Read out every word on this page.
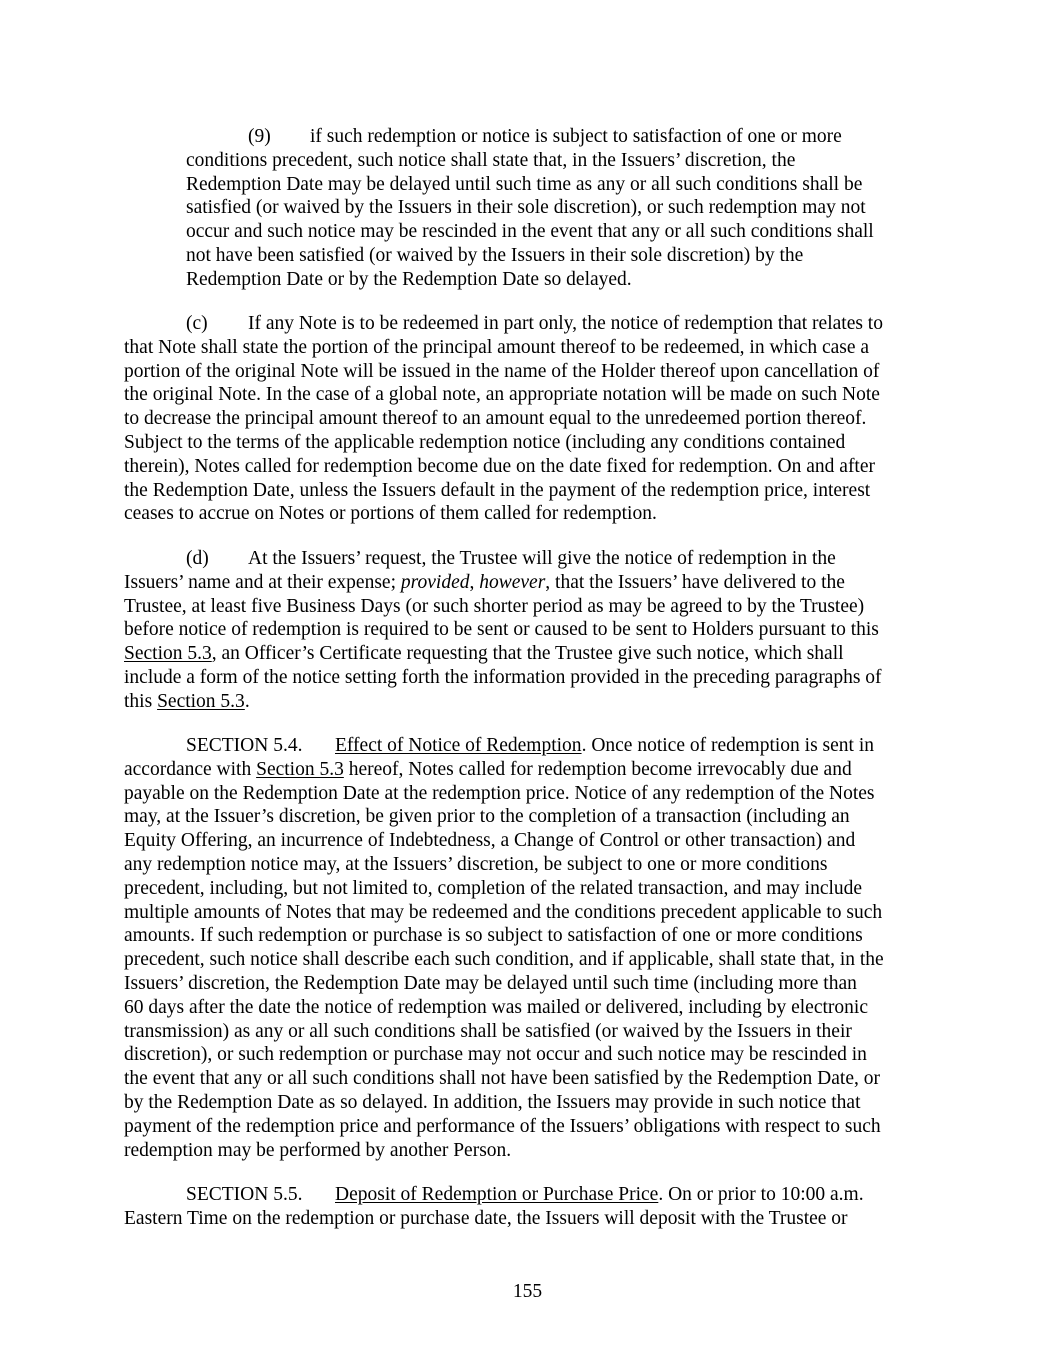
(9) if such redemption or notice is subject to satisfaction of one or more
conditions precedent, such notice shall state that, in the Issuers’ discretion, the
Redemption Date may be delayed until such time as any or all such conditions shall be
satisfied (or waived by the Issuers in their sole discretion), or such redemption may not
occur and such notice may be rescinded in the event that any or all such conditions shall
not have been satisfied (or waived by the Issuers in their sole discretion) by the
Redemption Date or by the Redemption Date so delayed.
(c) If any Note is to be redeemed in part only, the notice of redemption that relates to
that Note shall state the portion of the principal amount thereof to be redeemed, in which case a
portion of the original Note will be issued in the name of the Holder thereof upon cancellation of
the original Note. In the case of a global note, an appropriate notation will be made on such Note
to decrease the principal amount thereof to an amount equal to the unredeemed portion thereof.
Subject to the terms of the applicable redemption notice (including any conditions contained
therein), Notes called for redemption become due on the date fixed for redemption. On and after
the Redemption Date, unless the Issuers default in the payment of the redemption price, interest
ceases to accrue on Notes or portions of them called for redemption.
(d) At the Issuers’ request, the Trustee will give the notice of redemption in the
Issuers’ name and at their expense; provided, however, that the Issuers’ have delivered to the
Trustee, at least five Business Days (or such shorter period as may be agreed to by the Trustee)
before notice of redemption is required to be sent or caused to be sent to Holders pursuant to this
Section 5.3, an Officer’s Certificate requesting that the Trustee give such notice, which shall
include a form of the notice setting forth the information provided in the preceding paragraphs of
this Section 5.3.
SECTION 5.4. Effect of Notice of Redemption. Once notice of redemption is sent in
accordance with Section 5.3 hereof, Notes called for redemption become irrevocably due and
payable on the Redemption Date at the redemption price. Notice of any redemption of the Notes
may, at the Issuer’s discretion, be given prior to the completion of a transaction (including an
Equity Offering, an incurrence of Indebtedness, a Change of Control or other transaction) and
any redemption notice may, at the Issuers’ discretion, be subject to one or more conditions
precedent, including, but not limited to, completion of the related transaction, and may include
multiple amounts of Notes that may be redeemed and the conditions precedent applicable to such
amounts. If such redemption or purchase is so subject to satisfaction of one or more conditions
precedent, such notice shall describe each such condition, and if applicable, shall state that, in the
Issuers’ discretion, the Redemption Date may be delayed until such time (including more than
60 days after the date the notice of redemption was mailed or delivered, including by electronic
transmission) as any or all such conditions shall be satisfied (or waived by the Issuers in their
discretion), or such redemption or purchase may not occur and such notice may be rescinded in
the event that any or all such conditions shall not have been satisfied by the Redemption Date, or
by the Redemption Date as so delayed. In addition, the Issuers may provide in such notice that
payment of the redemption price and performance of the Issuers’ obligations with respect to such
redemption may be performed by another Person.
SECTION 5.5. Deposit of Redemption or Purchase Price. On or prior to 10:00 a.m.
Eastern Time on the redemption or purchase date, the Issuers will deposit with the Trustee or
155
